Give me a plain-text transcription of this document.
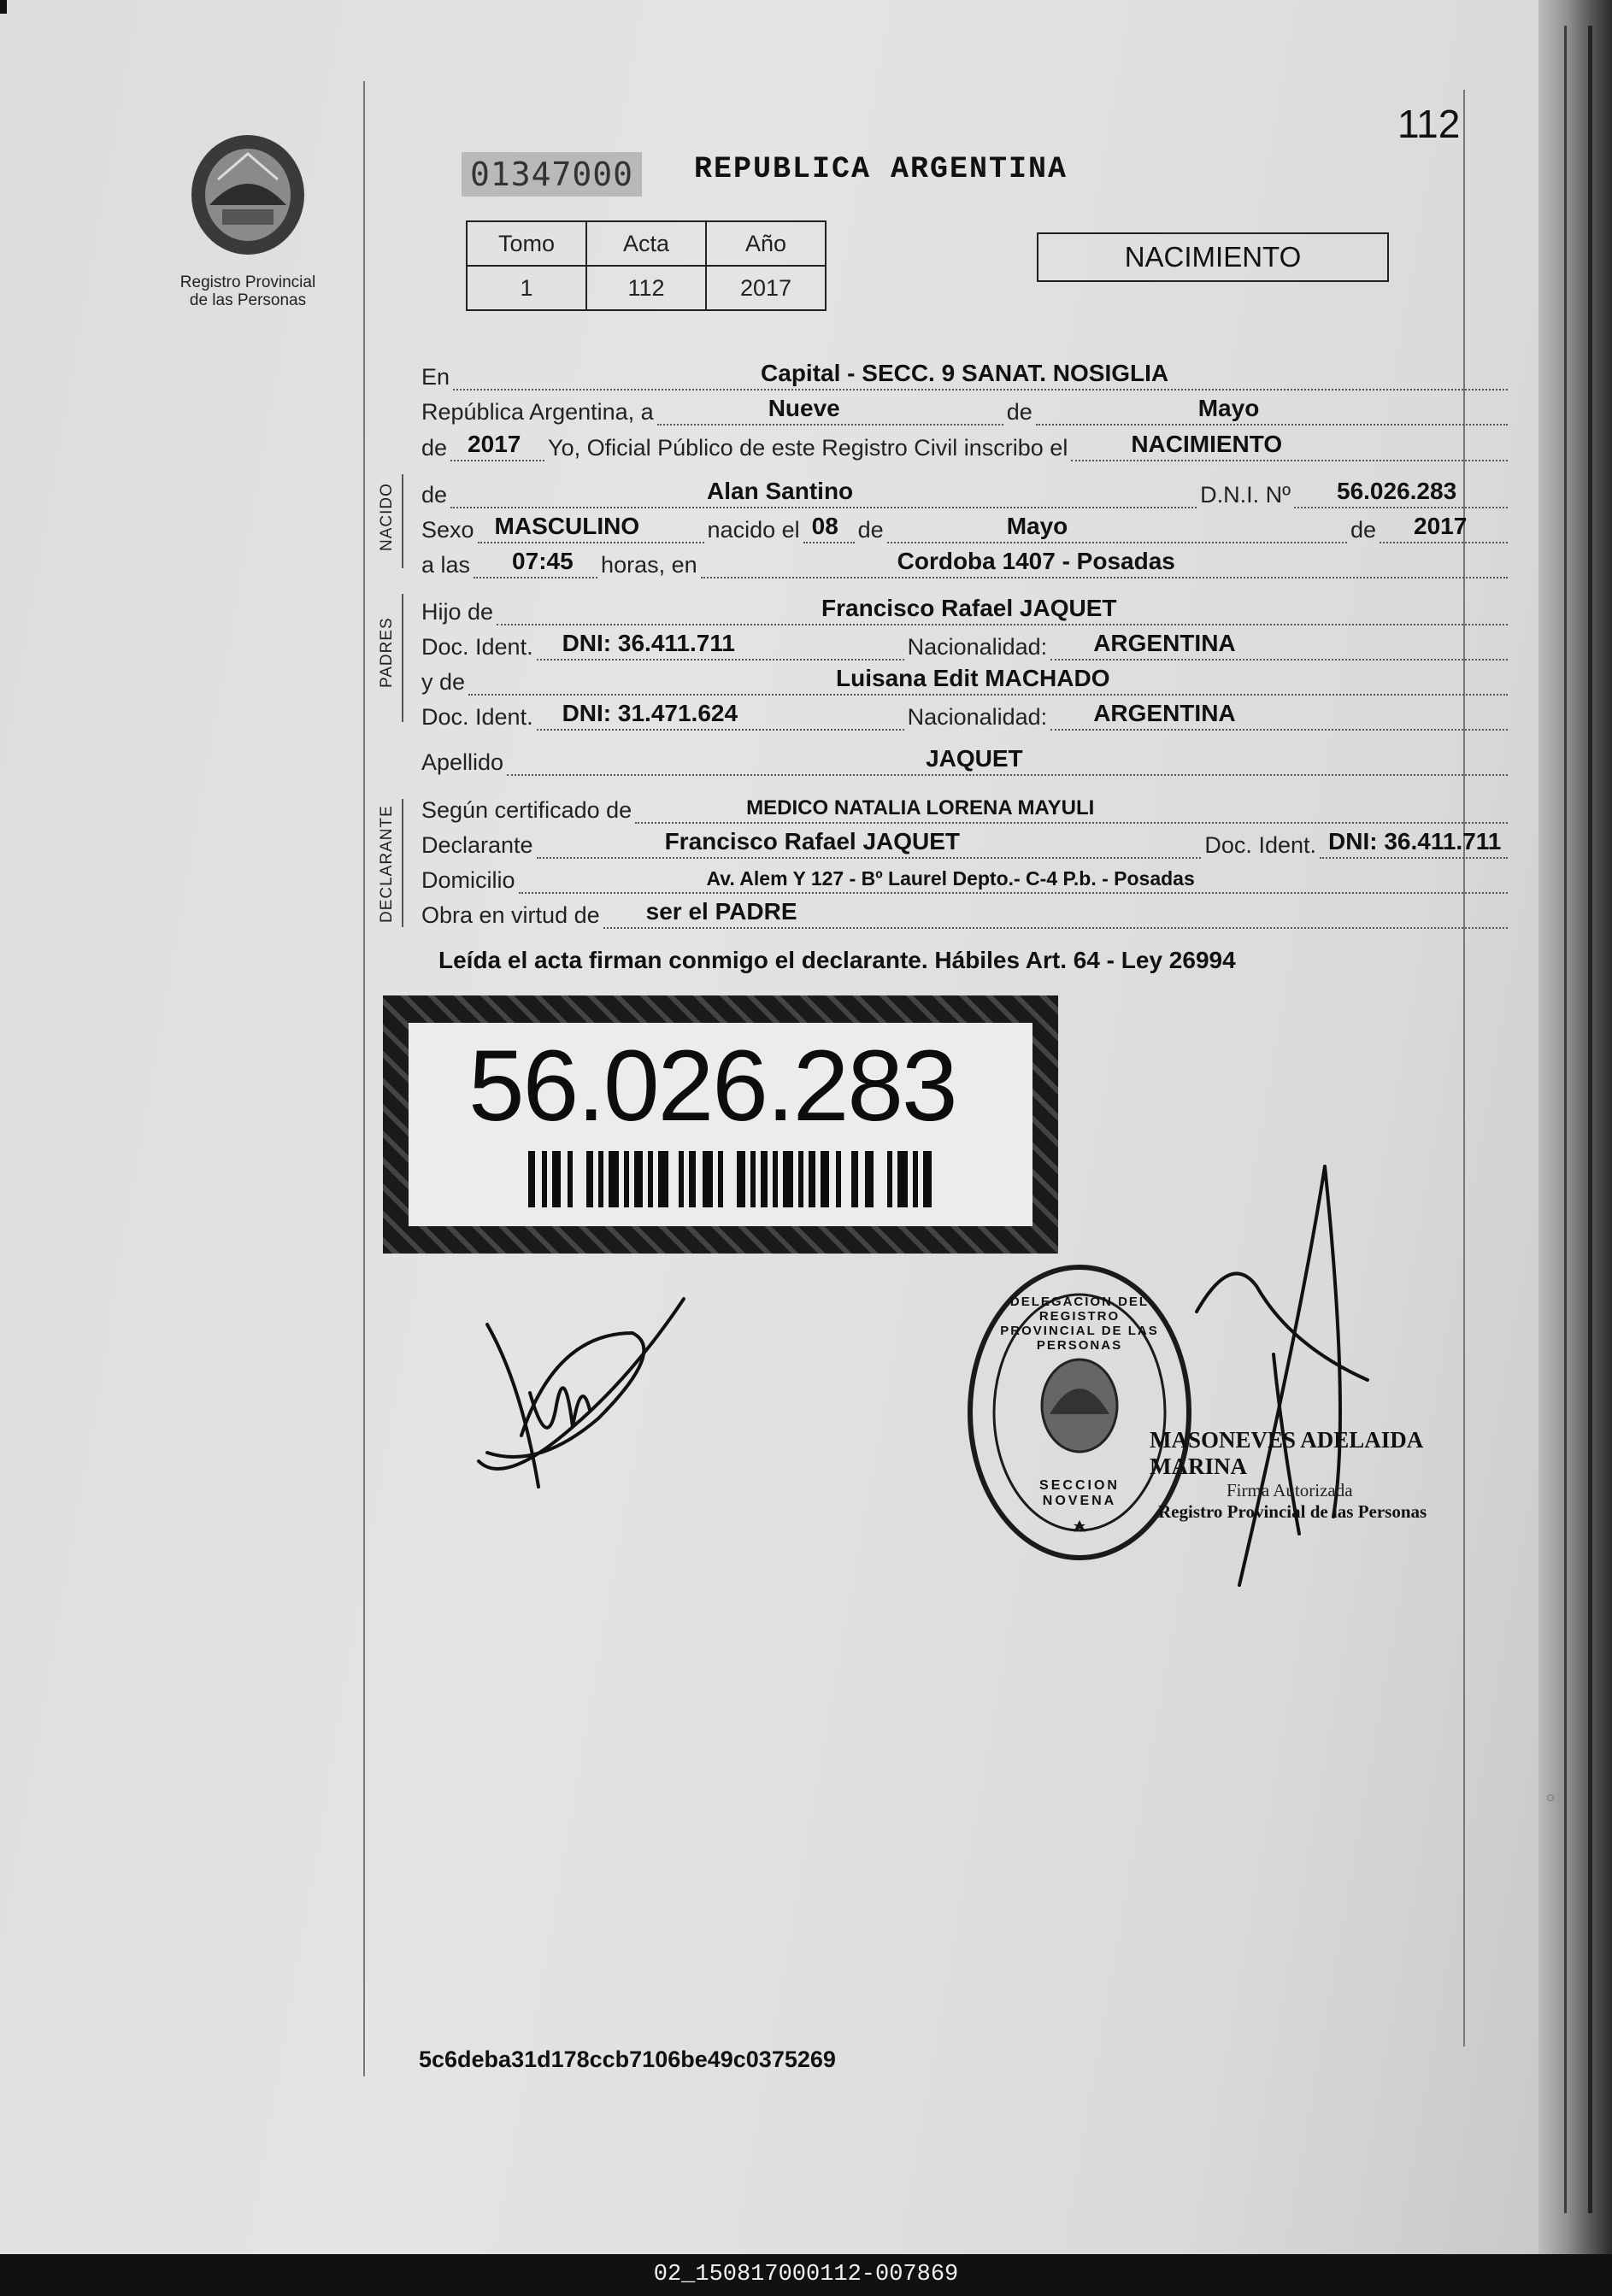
Registro Provincial
de las Personas
01347000 REPUBLICA ARGENTINA
112
Tomo	Acta	Año
1	112	2017
NACIMIENTO
En	Capital - SECC. 9 SANAT. NOSIGLIA
República Argentina, a	Nueve	de	Mayo
de 2017 Yo, Oficial Público de este Registro Civil inscribo el	NACIMIENTO
de	Alan Santino	D.N.I. Nº 56.026.283
Sexo MASCULINO	nacido el 08 de	Mayo	de 2017
a las 07:45 horas, en	Cordoba 1407 - Posadas
Hijo de	Francisco Rafael JAQUET
Doc. Ident. DNI: 36.411.711	Nacionalidad: ARGENTINA
y de	Luisana Edit MACHADO
Doc. Ident. DNI: 31.471.624	Nacionalidad: ARGENTINA
Apellido	JAQUET
Según certificado de	MEDICO NATALIA LORENA MAYULI
Declarante	Francisco Rafael JAQUET	Doc. Ident. DNI: 36.411.711
Domicilio	Av. Alem Y 127 - Bº Laurel Depto.- C-4 P.b. - Posadas
Obra en virtud de ser el PADRE
NACIDO
PADRES
DECLARANTE
Leída el acta firman conmigo el declarante. Hábiles Art. 64 - Ley 26994
56.026.283
DELEGACION DEL REGISTRO PROVINCIAL DE LAS PERSONAS
SECCION NOVENA
MASONEVES ADELAIDA MARINA
Firma Autorizada
Registro Provincial de las Personas
5c6deba31d178ccb7106be49c0375269
02_150817000112-007869
